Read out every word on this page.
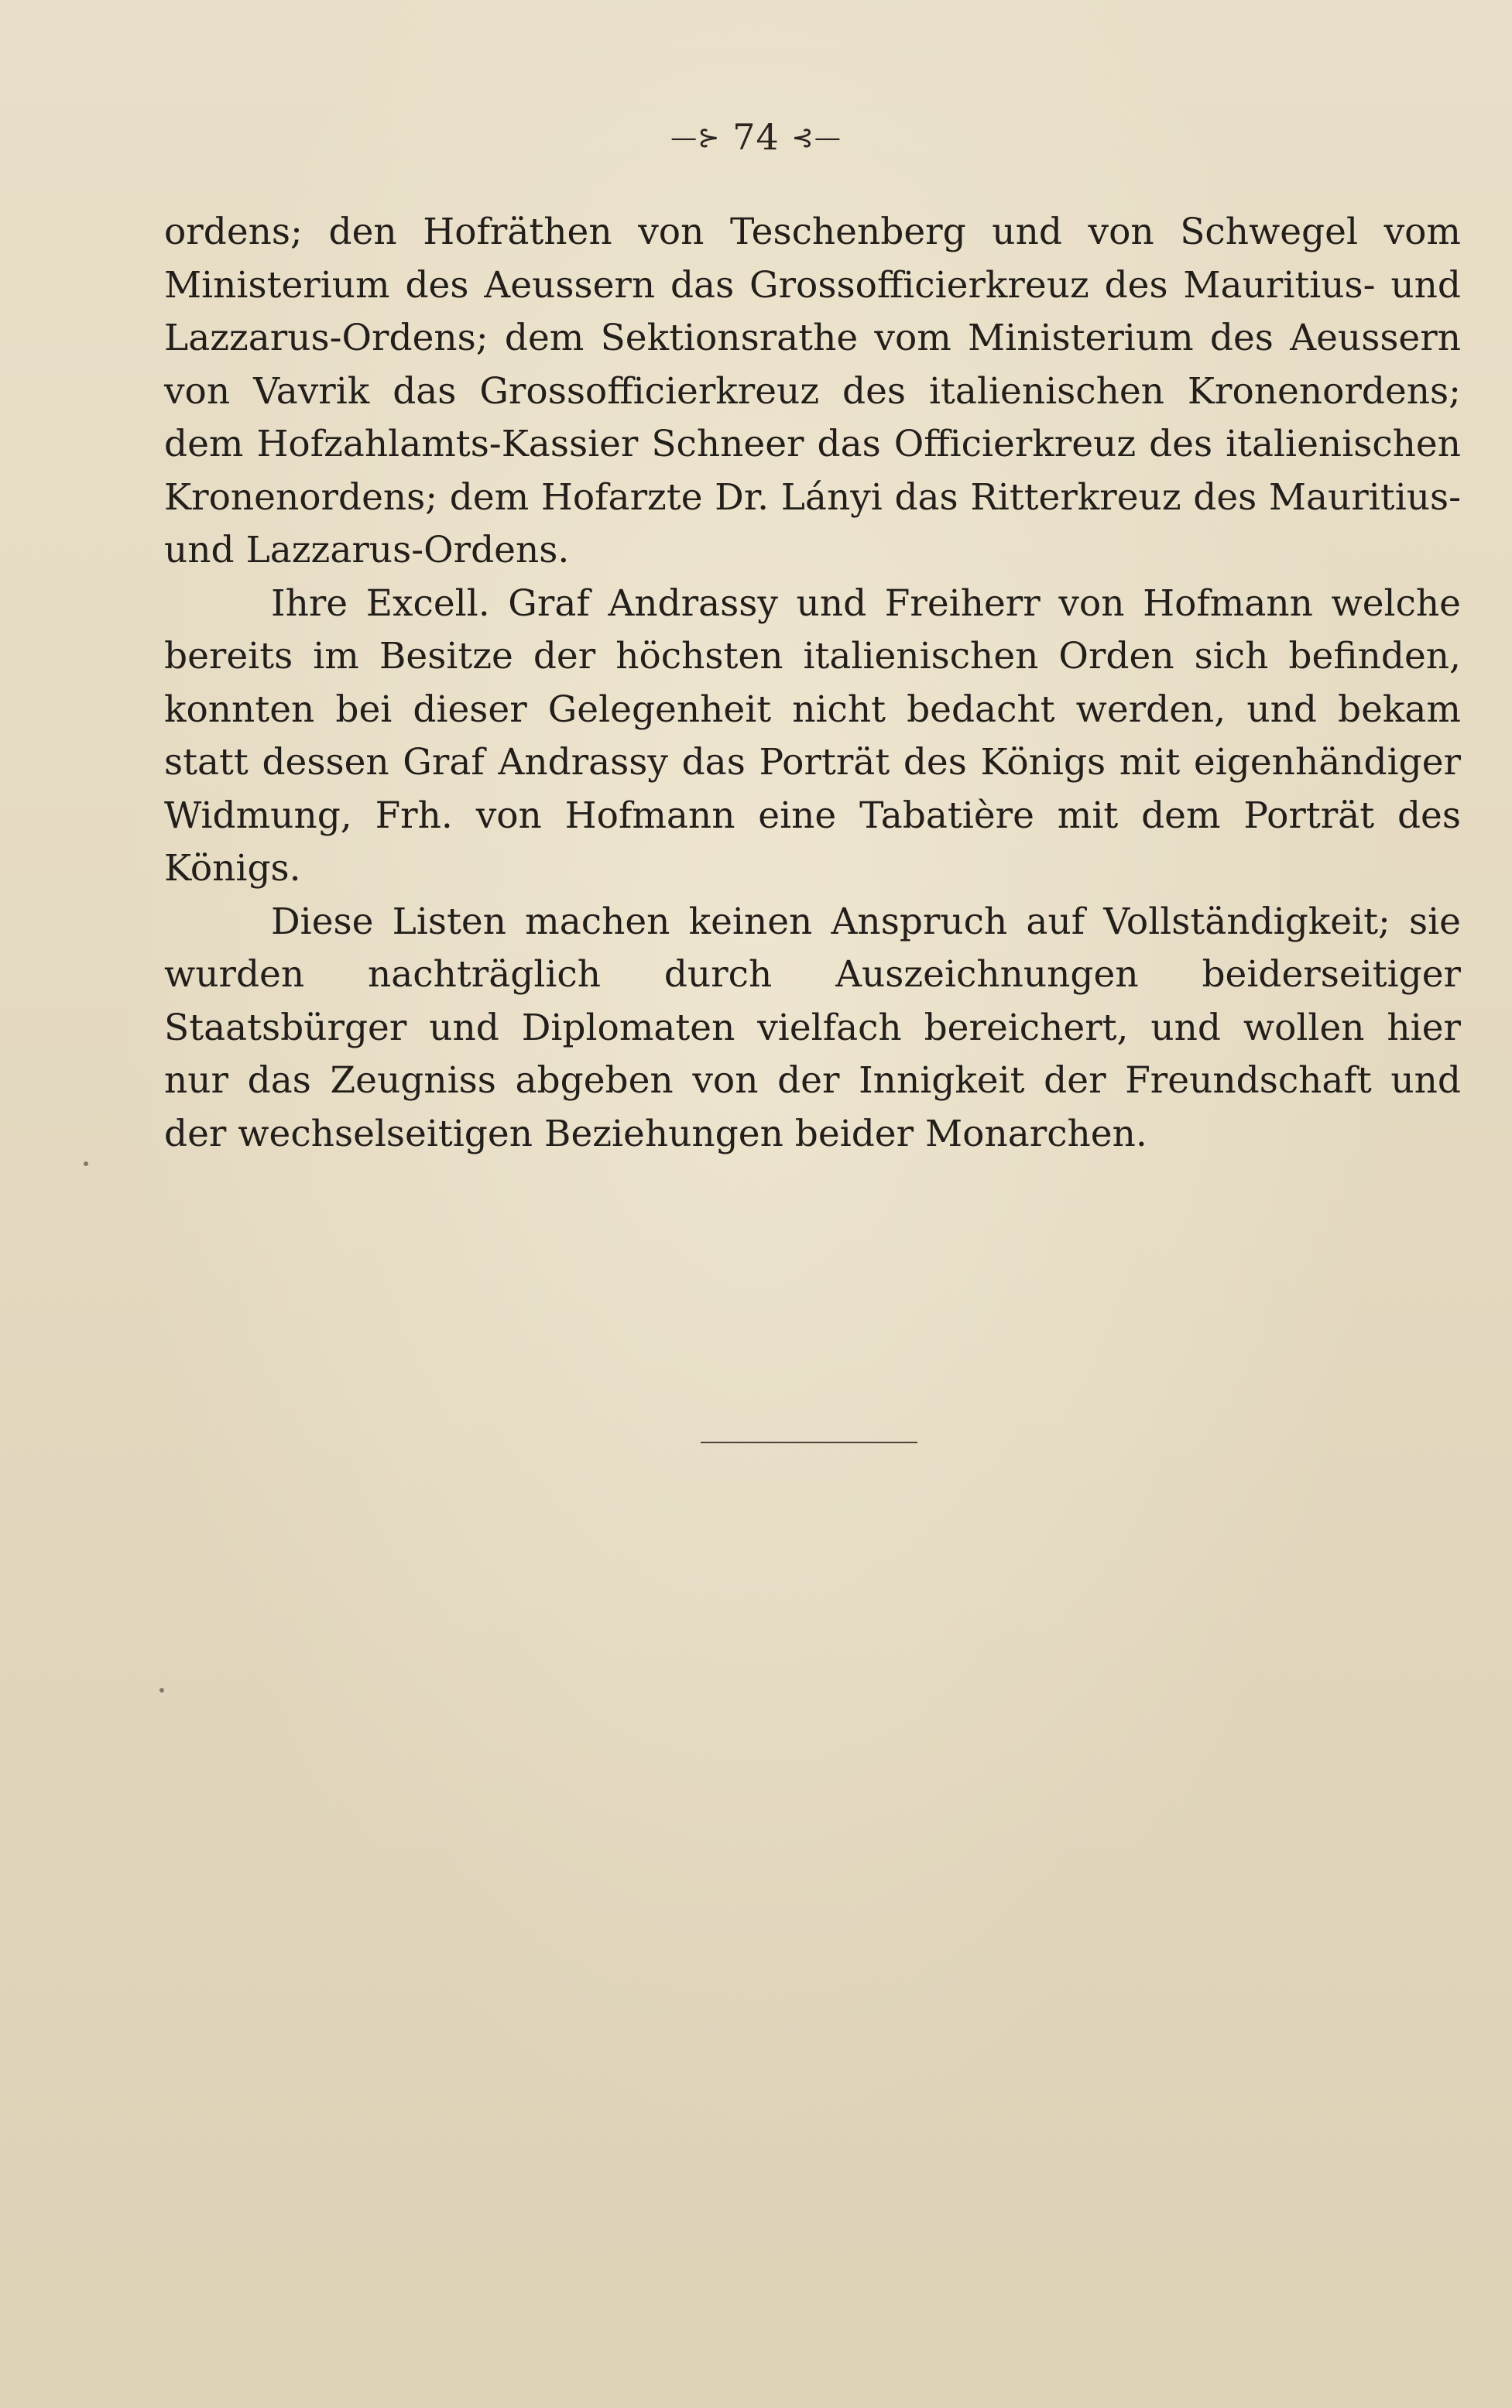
—⊱ 74 ⊰—

ordens; den Hofräthen von Teschenberg und von Schwegel vom Ministerium des Aeussern das Grossofficierkreuz des Mauritius- und Lazzarus-Ordens; dem Sektionsrathe vom Ministerium des Aeussern von Vavrik das Grossofficierkreuz des italienischen Kronenordens; dem Hofzahlamts-Kassier Schneer das Officierkreuz des italienischen Kronenordens; dem Hofarzte Dr. Lányi das Ritterkreuz des Mauritius- und Lazzarus-Ordens.

Ihre Excell. Graf Andrassy und Freiherr von Hofmann welche bereits im Besitze der höchsten italienischen Orden sich befinden, konnten bei dieser Gelegenheit nicht bedacht werden, und bekam statt dessen Graf Andrassy das Porträt des Königs mit eigenhändiger Widmung, Frh. von Hofmann eine Tabatière mit dem Porträt des Königs.

Diese Listen machen keinen Anspruch auf Vollständigkeit; sie wurden nachträglich durch Auszeichnungen beiderseitiger Staatsbürger und Diplomaten vielfach bereichert, und wollen hier nur das Zeugniss abgeben von der Innigkeit der Freundschaft und der wechselseitigen Beziehungen beider Monarchen.
